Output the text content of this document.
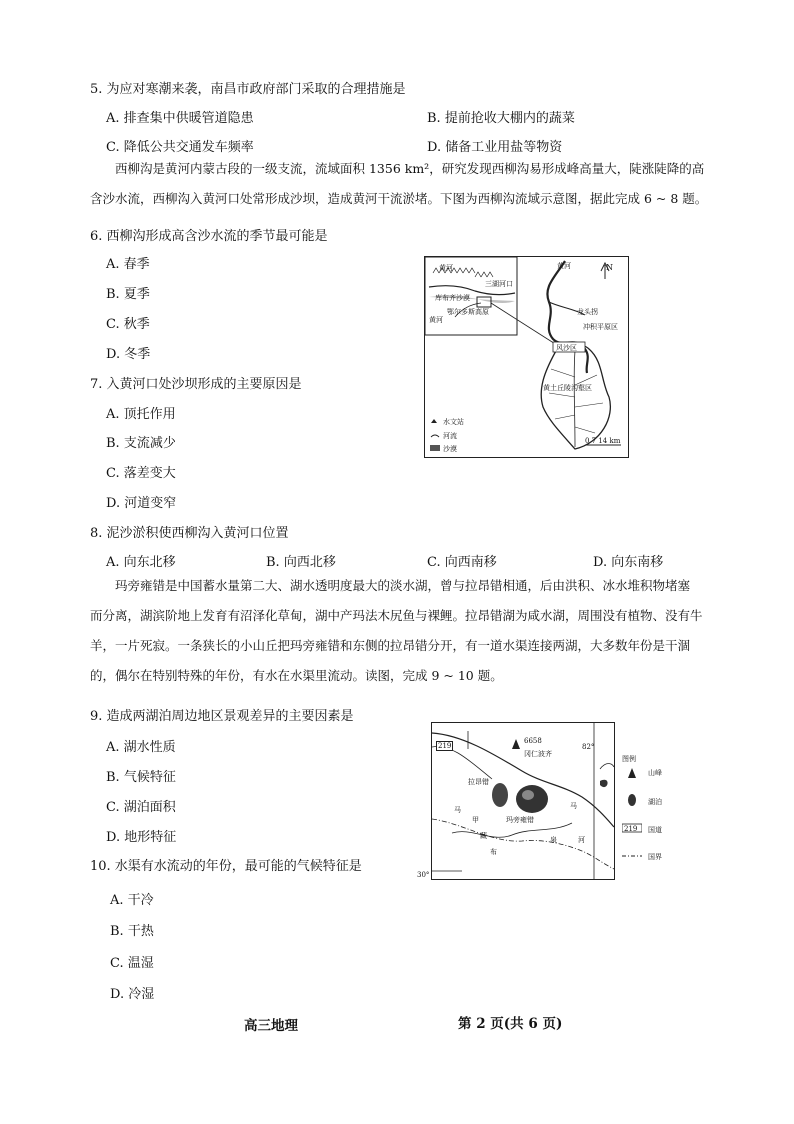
5. 为应对寒潮来袭，南昌市政府部门采取的合理措施是
A. 排查集中供暖管道隐患	B. 提前抢收大棚内的蔬菜
C. 降低公共交通发车频率	D. 储备工业用盐等物资

西柳沟是黄河内蒙古段的一级支流，流域面积 1356 km²，研究发现西柳沟易形成峰高量大，陡涨陡降的高

含沙水流，西柳沟入黄河口处常形成沙坝，造成黄河干流淤堵。下图为西柳沟流域示意图，据此完成 6 ~ 8 题。

6. 西柳沟形成高含沙水流的季节最可能是
A. 春季
B. 夏季
C. 秋季
D. 冬季
7. 入黄河口处沙坝形成的主要原因是
A. 顶托作用
B. 支流减少
C. 落差变大
D. 河道变窄
黄河
三湖河口
库布齐沙漠
鄂尔多斯高原
黄河
黄河	N
龙头拐
冲积平原区
风沙区
黄土丘陵沟壑区
水文站
河流
沙漠
0 7 14 km
8. 泥沙淤积使西柳沟入黄河口位置
A. 向东北移	B. 向西北移	C. 向西南移	D. 向东南移

玛旁雍错是中国蓄水量第二大、湖水透明度最大的淡水湖，曾与拉昂错相通，后由洪积、冰水堆积物堵塞

而分离，湖滨阶地上发育有沼泽化草甸，湖中产玛法木尻鱼与裸鲤。拉昂错湖为咸水湖，周围没有植物、没有牛

羊，一片死寂。一条狭长的小山丘把玛旁雍错和东侧的拉昂错分开，有一道水渠连接两湖，大多数年份是干涸

的，偶尔在特别特殊的年份，有水在水渠里流动。读图，完成 9 ~ 10 题。

9. 造成两湖泊周边地区景观差异的主要因素是
A. 湖水性质
B. 气候特征
C. 湖泊面积
D. 地形特征
219
6658
冈仁波齐
82°
拉昂错
玛旁雍错
马
甲
藏
布
马
泉	河
30°
图例
山峰
湖泊
219 国道
国界
10. 水渠有水流动的年份，最可能的气候特征是
A. 干冷
B. 干热
C. 温湿
D. 冷湿
高三地理	第 2 页(共 6 页)
